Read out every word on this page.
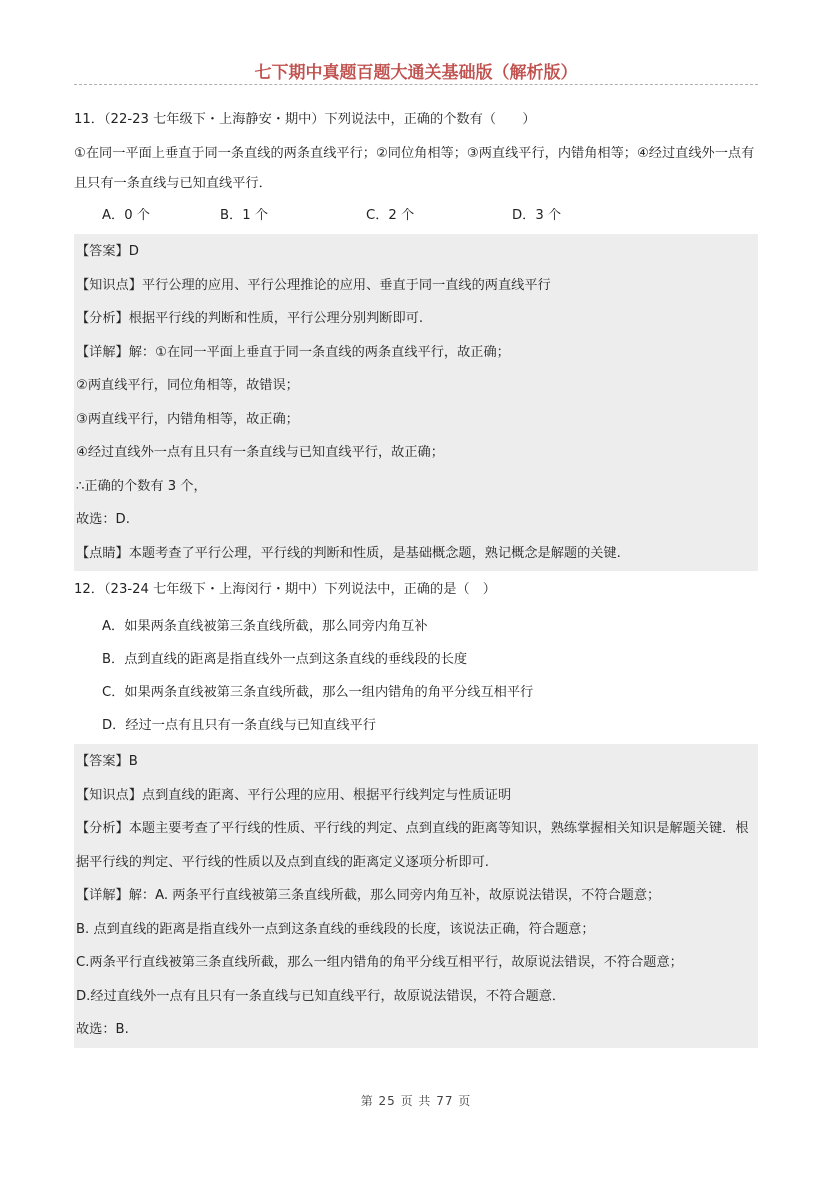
七下期中真题百题大通关基础版（解析版）
11．（22-23 七年级下・上海静安・期中）下列说法中，正确的个数有（　　）
①在同一平面上垂直于同一条直线的两条直线平行；②同位角相等；③两直线平行，内错角相等；④经过直线外一点有且只有一条直线与已知直线平行．
A．0 个	B．1 个	C．2 个	D．3 个
【答案】D
【知识点】平行公理的应用、平行公理推论的应用、垂直于同一直线的两直线平行
【分析】根据平行线的判断和性质，平行公理分别判断即可.
【详解】解：①在同一平面上垂直于同一条直线的两条直线平行，故正确；
②两直线平行，同位角相等，故错误；
③两直线平行，内错角相等，故正确；
④经过直线外一点有且只有一条直线与已知直线平行，故正确；
∴正确的个数有 3 个，
故选：D.
【点睛】本题考查了平行公理，平行线的判断和性质，是基础概念题，熟记概念是解题的关键.
12．（23-24 七年级下・上海闵行・期中）下列说法中，正确的是（　）
A．如果两条直线被第三条直线所截，那么同旁内角互补
B．点到直线的距离是指直线外一点到这条直线的垂线段的长度
C．如果两条直线被第三条直线所截，那么一组内错角的角平分线互相平行
D．经过一点有且只有一条直线与已知直线平行
【答案】B
【知识点】点到直线的距离、平行公理的应用、根据平行线判定与性质证明
【分析】本题主要考查了平行线的性质、平行线的判定、点到直线的距离等知识，熟练掌握相关知识是解题关键．根据平行线的判定、平行线的性质以及点到直线的距离定义逐项分析即可.
【详解】解：A. 两条平行直线被第三条直线所截，那么同旁内角互补，故原说法错误，不符合题意；
B. 点到直线的距离是指直线外一点到这条直线的垂线段的长度，该说法正确，符合题意；
C.两条平行直线被第三条直线所截，那么一组内错角的角平分线互相平行，故原说法错误，不符合题意；
D.经过直线外一点有且只有一条直线与已知直线平行，故原说法错误，不符合题意．
故选：B.
第 25 页 共 77 页
